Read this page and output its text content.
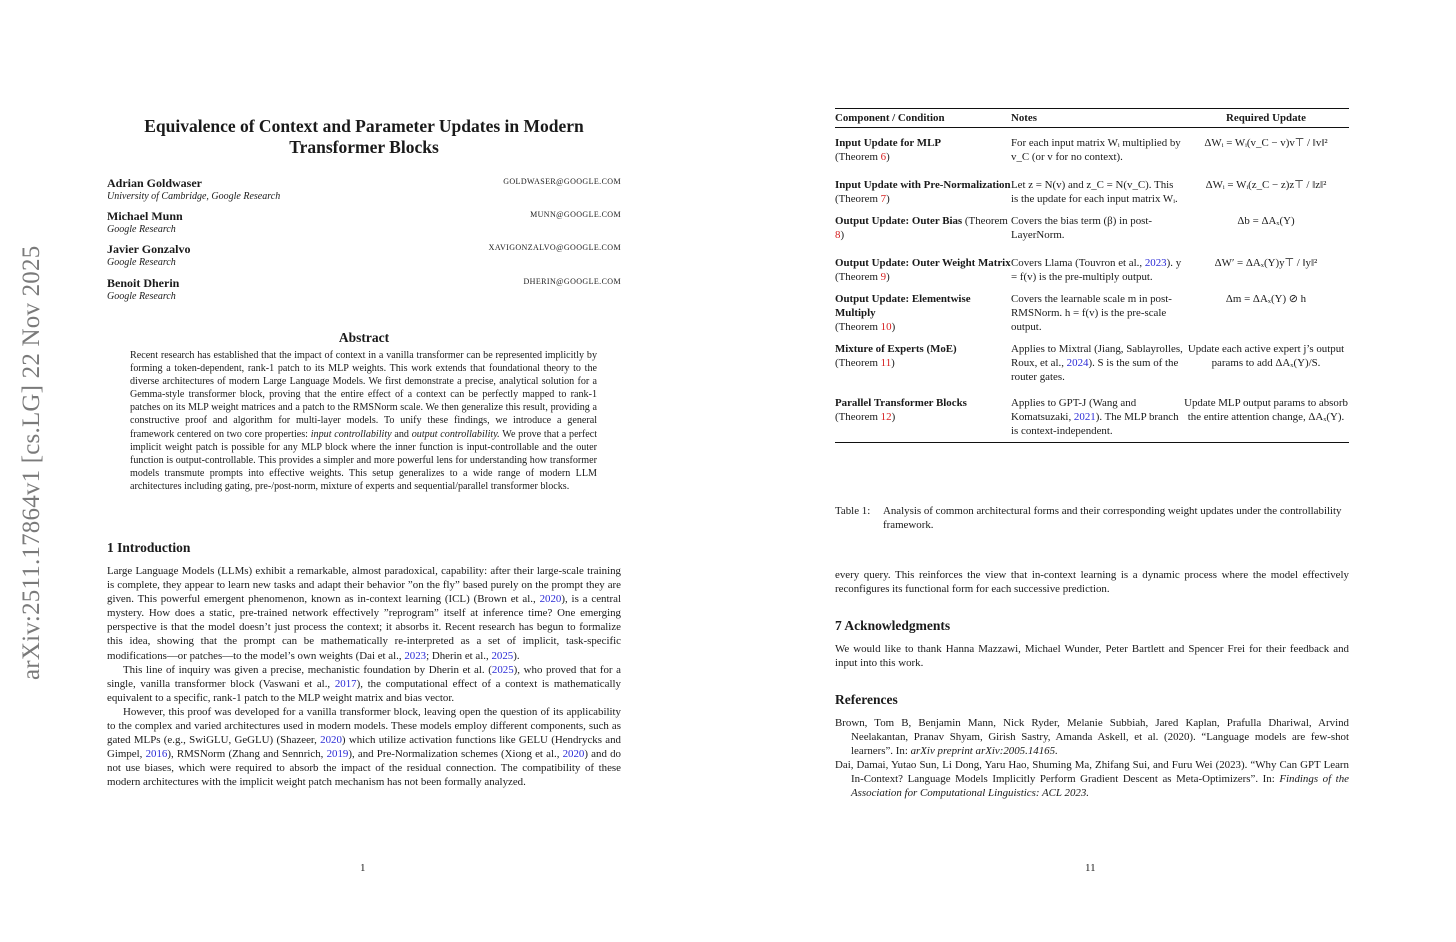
arXiv:2511.17864v1 [cs.LG] 22 Nov 2025
Equivalence of Context and Parameter Updates in Modern
Transformer Blocks
Adrian Goldwaser	GOLDWASER@GOOGLE.COM
University of Cambridge, Google Research
Michael Munn	MUNN@GOOGLE.COM
Google Research
Javier Gonzalvo	XAVIGONZALVO@GOOGLE.COM
Google Research
Benoit Dherin	DHERIN@GOOGLE.COM
Google Research
Abstract
Recent research has established that the impact of context in a vanilla transformer can be represented implicitly by forming a token-dependent, rank-1 patch to its MLP weights. This work extends that foundational theory to the diverse architectures of modern Large Language Models. We first demonstrate a precise, analytical solution for a Gemma-style transformer block, proving that the entire effect of a context can be perfectly mapped to rank-1 patches on its MLP weight matrices and a patch to the RMSNorm scale. We then generalize this result, providing a constructive proof and algorithm for multi-layer models. To unify these findings, we introduce a general framework centered on two core properties: input controllability and output controllability. We prove that a perfect implicit weight patch is possible for any MLP block where the inner function is input-controllable and the outer function is output-controllable. This provides a simpler and more powerful lens for understanding how transformer models transmute prompts into effective weights. This setup generalizes to a wide range of modern LLM architectures including gating, pre-/post-norm, mixture of experts and sequential/parallel transformer blocks.
1 Introduction

Large Language Models (LLMs) exhibit a remarkable, almost paradoxical, capability: after their large-scale training is complete, they appear to learn new tasks and adapt their behavior ”on the fly” based purely on the prompt they are given. This powerful emergent phenomenon, known as in-context learning (ICL) (Brown et al., 2020), is a central mystery. How does a static, pre-trained network effectively ”reprogram” itself at inference time? One emerging perspective is that the model doesn’t just process the context; it absorbs it. Recent research has begun to formalize this idea, showing that the prompt can be mathematically re-interpreted as a set of implicit, task-specific modifications—or patches—to the model’s own weights (Dai et al., 2023; Dherin et al., 2025).

This line of inquiry was given a precise, mechanistic foundation by Dherin et al. (2025), who proved that for a single, vanilla transformer block (Vaswani et al., 2017), the computational effect of a context is mathematically equivalent to a specific, rank-1 patch to the MLP weight matrix and bias vector.

However, this proof was developed for a vanilla transformer block, leaving open the question of its applicability to the complex and varied architectures used in modern models. These models employ different components, such as gated MLPs (e.g., SwiGLU, GeGLU) (Shazeer, 2020) which utilize activation functions like GELU (Hendrycks and Gimpel, 2016), RMSNorm (Zhang and Sennrich, 2019), and Pre-Normalization schemes (Xiong et al., 2020) and do not use biases, which were required to absorb the impact of the residual connection. The compatibility of these modern architectures with the implicit weight patch mechanism has not been formally analyzed.

1
Component / Condition	Notes	Required Update
Input Update for MLP
(Theorem 6)	For each input matrix Wᵢ multiplied by v_C (or v for no context).	ΔWᵢ = Wᵢ(v_C − v)v⊤ / ‖v‖²
Input Update with Pre-Normalization
(Theorem 7)	Let z = N(v) and z_C = N(v_C). This is the update for each input matrix Wᵢ.	ΔWᵢ = Wᵢ(z_C − z)z⊤ / ‖z‖²
Output Update: Outer Bias (Theorem 8)	Covers the bias term (β) in post-LayerNorm.	Δb = ΔAₓ(Y)
Output Update: Outer Weight Matrix (Theorem 9)	Covers Llama (Touvron et al., 2023). y = f(v) is the pre-multiply output.	ΔW′ = ΔAₓ(Y)y⊤ / ‖y‖²
Output Update: Elementwise Multiply
(Theorem 10)	Covers the learnable scale m in post-RMSNorm. h = f(v) is the pre-scale output.	Δm = ΔAₓ(Y) ⊘ h
Mixture of Experts (MoE)
(Theorem 11)	Applies to Mixtral (Jiang, Sablayrolles, Roux, et al., 2024). S is the sum of the router gates.	Update each active expert j’s output params to add ΔAₓ(Y)/S.
Parallel Transformer Blocks (Theorem 12)	Applies to GPT-J (Wang and Komatsuzaki, 2021). The MLP branch is context-independent.	Update MLP output params to absorb the entire attention change, ΔAₓ(Y).
Table 1: Analysis of common architectural forms and their corresponding weight updates under the controllability framework.
every query. This reinforces the view that in-context learning is a dynamic process where the model effectively reconfigures its functional form for each successive prediction.
7 Acknowledgments
We would like to thank Hanna Mazzawi, Michael Wunder, Peter Bartlett and Spencer Frei for their feedback and input into this work.
References

Brown, Tom B, Benjamin Mann, Nick Ryder, Melanie Subbiah, Jared Kaplan, Prafulla Dhariwal, Arvind Neelakantan, Pranav Shyam, Girish Sastry, Amanda Askell, et al. (2020). “Language models are few-shot learners”. In: arXiv preprint arXiv:2005.14165.

Dai, Damai, Yutao Sun, Li Dong, Yaru Hao, Shuming Ma, Zhifang Sui, and Furu Wei (2023). “Why Can GPT Learn In-Context? Language Models Implicitly Perform Gradient Descent as Meta-Optimizers”. In: Findings of the Association for Computational Linguistics: ACL 2023.

11
